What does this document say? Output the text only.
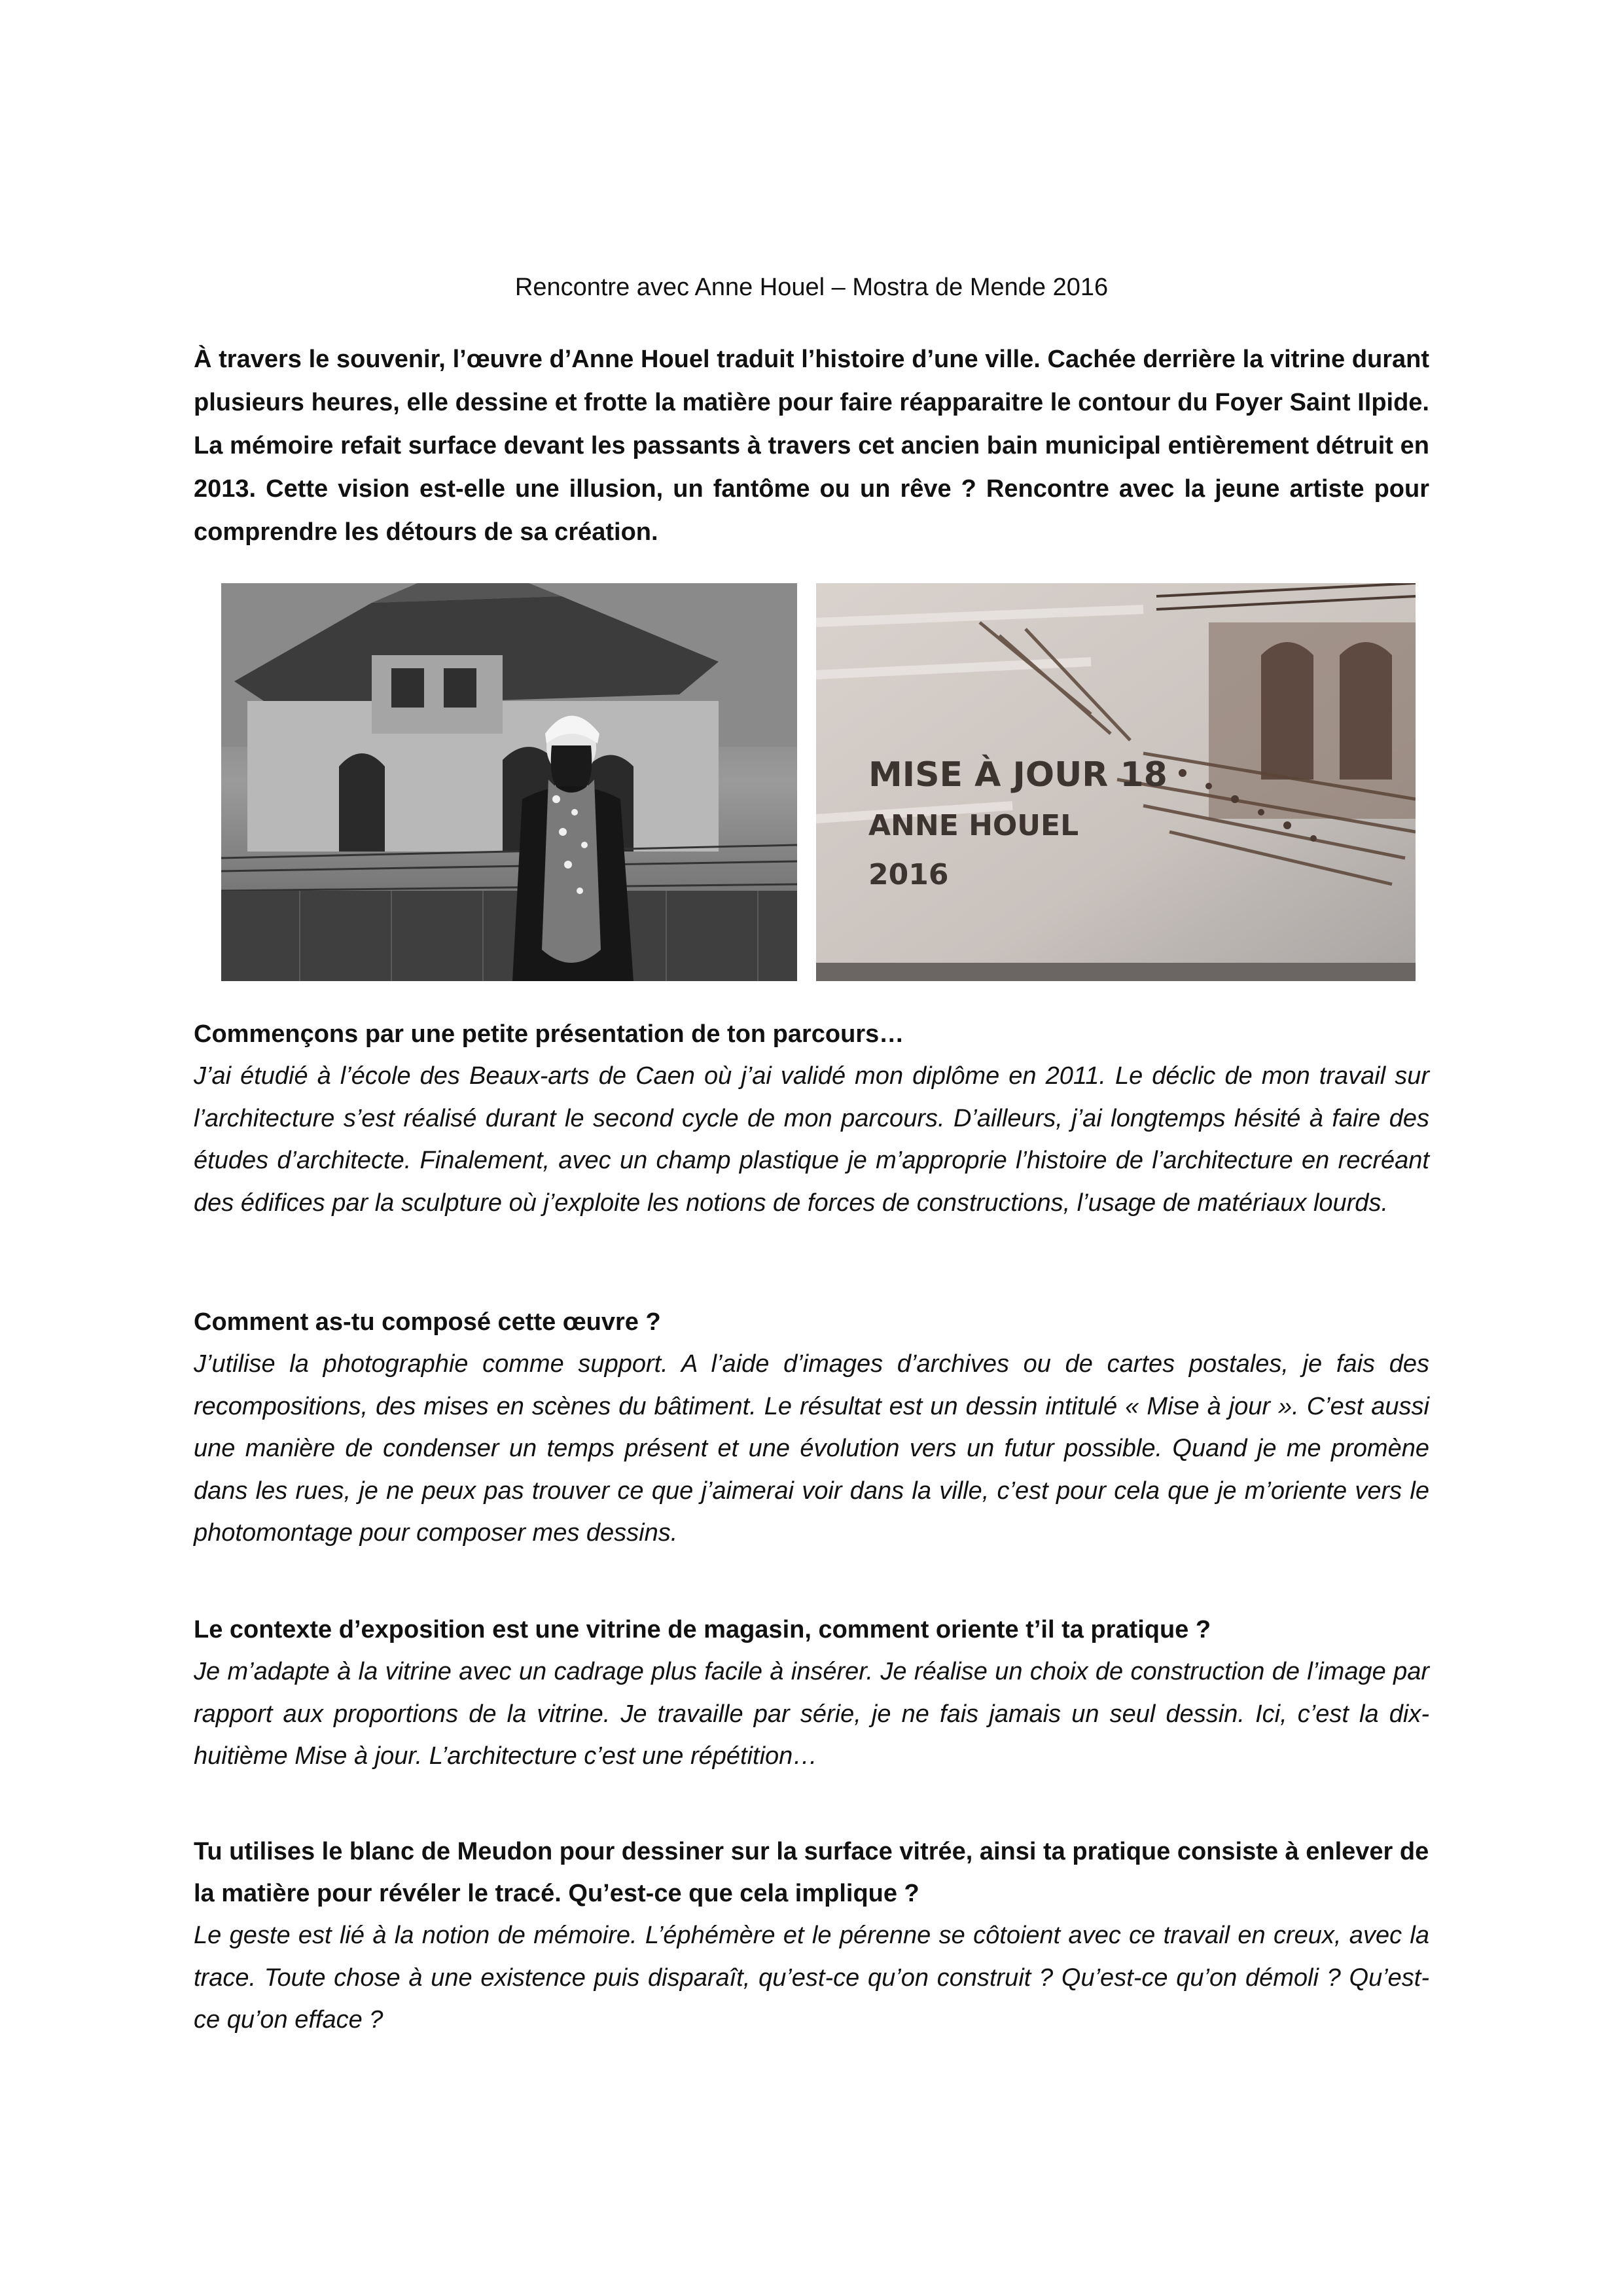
Rencontre avec Anne Houel – Mostra de Mende 2016

À travers le souvenir, l’œuvre d’Anne Houel traduit l’histoire d’une ville. Cachée derrière la vitrine durant plusieurs heures, elle dessine et frotte la matière pour faire réapparaitre le contour du Foyer Saint Ilpide. La mémoire refait surface devant les passants à travers cet ancien bain municipal entièrement détruit en 2013. Cette vision est-elle une illusion, un fantôme ou un rêve ? Rencontre avec la jeune artiste pour comprendre les détours de sa création.

MISE À JOUR 18
ANNE HOUEL
2016

Commençons par une petite présentation de ton parcours…

J’ai étudié à l’école des Beaux-arts de Caen où j’ai validé mon diplôme en 2011. Le déclic de mon travail sur l’architecture s’est réalisé durant le second cycle de mon parcours. D’ailleurs, j’ai longtemps hésité à faire des études d’architecte. Finalement, avec un champ plastique je m’approprie l’histoire de l’architecture en recréant des édifices par la sculpture où j’exploite les notions de forces de constructions, l’usage de matériaux lourds.

Comment as-tu composé cette œuvre ?

J’utilise la photographie comme support. A l’aide d’images d’archives ou de cartes postales, je fais des recompositions, des mises en scènes du bâtiment. Le résultat est un dessin intitulé « Mise à jour ». C’est aussi une manière de condenser un temps présent et une évolution vers un futur possible. Quand je me promène dans les rues, je ne peux pas trouver ce que j’aimerai voir dans la ville, c’est pour cela que je m’oriente vers le photomontage pour composer mes dessins.

Le contexte d’exposition est une vitrine de magasin, comment oriente t’il ta pratique ?

Je m’adapte à la vitrine avec un cadrage plus facile à insérer. Je réalise un choix de construction de l’image par rapport aux proportions de la vitrine. Je travaille par série, je ne fais jamais un seul dessin. Ici, c’est la dix-huitième Mise à jour. L’architecture c’est une répétition…

Tu utilises le blanc de Meudon pour dessiner sur la surface vitrée, ainsi ta pratique consiste à enlever de la matière pour révéler le tracé. Qu’est-ce que cela implique ?

Le geste est lié à la notion de mémoire. L’éphémère et le pérenne se côtoient avec ce travail en creux, avec la trace. Toute chose à une existence puis disparaît, qu’est-ce qu’on construit ? Qu’est-ce qu’on démoli ? Qu’est-ce qu’on efface ?
